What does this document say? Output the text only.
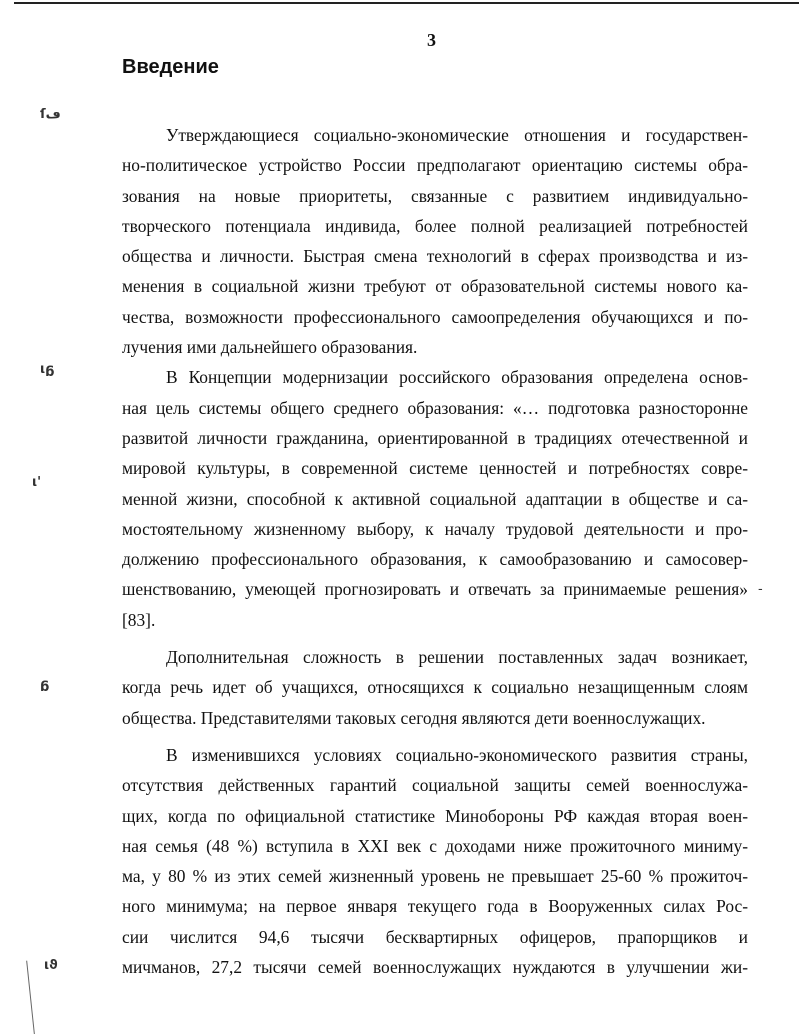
3
Введение
ſڡ
ιᵷ
ι'
ᵷ
ιϑ
-

Утверждающиеся социально-экономические отношения и государствен-
но-политическое устройство России предполагают ориентацию системы обра-
зования на новые приоритеты, связанные с развитием индивидуально-
творческого потенциала индивида, более полной реализацией потребностей
общества и личности. Быстрая смена технологий в сферах производства и из-
менения в социальной жизни требуют от образовательной системы нового ка-
чества, возможности профессионального самоопределения обучающихся и по-
лучения ими дальнейшего образования.

В Концепции модернизации российского образования определена основ-
ная цель системы общего среднего образования: «… подготовка разносторонне
развитой личности гражданина, ориентированной в традициях отечественной и
мировой культуры, в современной системе ценностей и потребностях совре-
менной жизни, способной к активной социальной адаптации в обществе и са-
мостоятельному жизненному выбору, к началу трудовой деятельности и про-
должению профессионального образования, к самообразованию и самосовер-
шенствованию, умеющей прогнозировать и отвечать за принимаемые решения»
[83].

Дополнительная сложность в решении поставленных задач возникает,
когда речь идет об учащихся, относящихся к социально незащищенным слоям
общества. Представителями таковых сегодня являются дети военнослужащих.

В изменившихся условиях социально-экономического развития страны,
отсутствия действенных гарантий социальной защиты семей военнослужа-
щих, когда по официальной статистике Минобороны РФ каждая вторая воен-
ная семья (48 %) вступила в XXI век с доходами ниже прожиточного минимy-
ма, у 80 % из этих семей жизненный уровень не превышает 25-60 % прожиточ-
ного минимума; на первое января текущего года в Вооруженных силах Рос-
сии числится 94,6 тысячи бесквартирных офицеров, прапорщиков и
мичманов, 27,2 тысячи семей военнослужащих нуждаются в улучшении жи-
